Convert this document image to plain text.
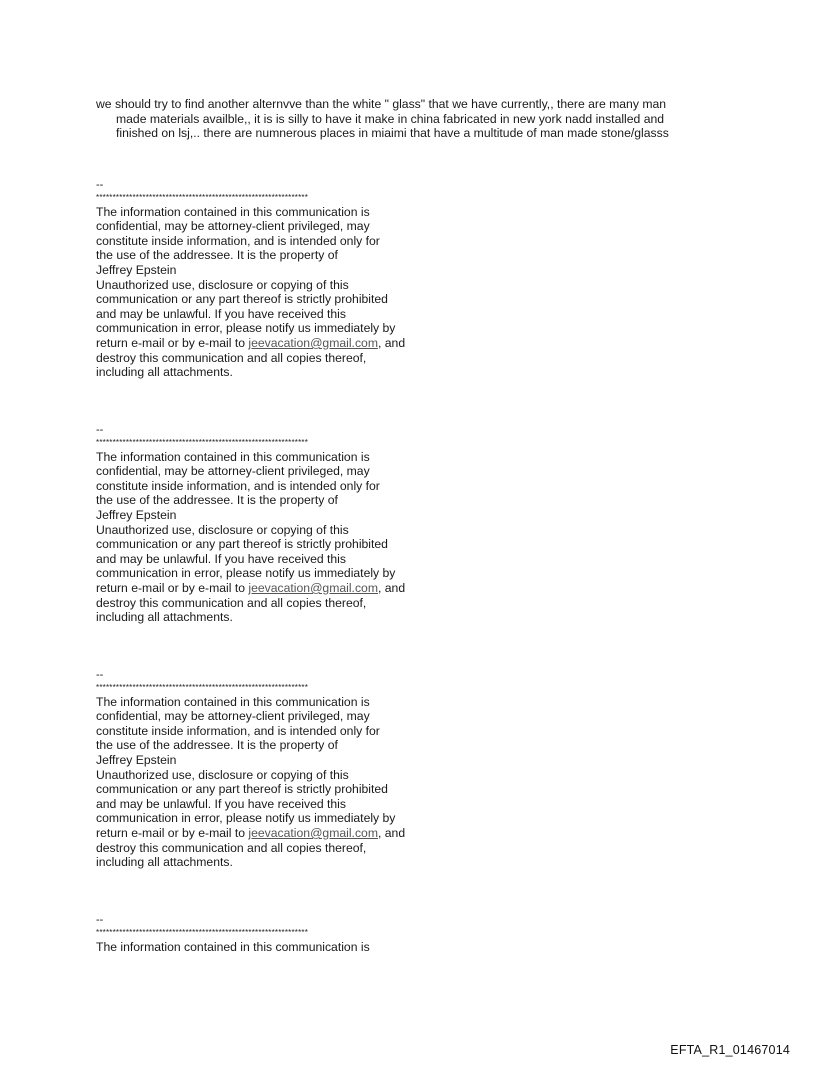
we should try to find another alternvve than the white " glass" that we have currently,, there are many man made materials availble,, it is is silly to have it make in china fabricated in new york nadd installed and finished on lsj,.. there are numnerous places in miaimi that have a multitude of man made stone/glasss
--
****************************************************************
The information contained in this communication is
confidential, may be attorney-client privileged, may
constitute inside information, and is intended only for
the use of the addressee. It is the property of
Jeffrey Epstein
Unauthorized use, disclosure or copying of this
communication or any part thereof is strictly prohibited
and may be unlawful. If you have received this
communication in error, please notify us immediately by
return e-mail or by e-mail to jeevacation@gmail.com, and
destroy this communication and all copies thereof,
including all attachments.
--
****************************************************************
The information contained in this communication is
confidential, may be attorney-client privileged, may
constitute inside information, and is intended only for
the use of the addressee. It is the property of
Jeffrey Epstein
Unauthorized use, disclosure or copying of this
communication or any part thereof is strictly prohibited
and may be unlawful. If you have received this
communication in error, please notify us immediately by
return e-mail or by e-mail to jeevacation@gmail.com, and
destroy this communication and all copies thereof,
including all attachments.
--
****************************************************************
The information contained in this communication is
confidential, may be attorney-client privileged, may
constitute inside information, and is intended only for
the use of the addressee. It is the property of
Jeffrey Epstein
Unauthorized use, disclosure or copying of this
communication or any part thereof is strictly prohibited
and may be unlawful. If you have received this
communication in error, please notify us immediately by
return e-mail or by e-mail to jeevacation@gmail.com, and
destroy this communication and all copies thereof,
including all attachments.
--
****************************************************************
The information contained in this communication is
EFTA_R1_01467014
